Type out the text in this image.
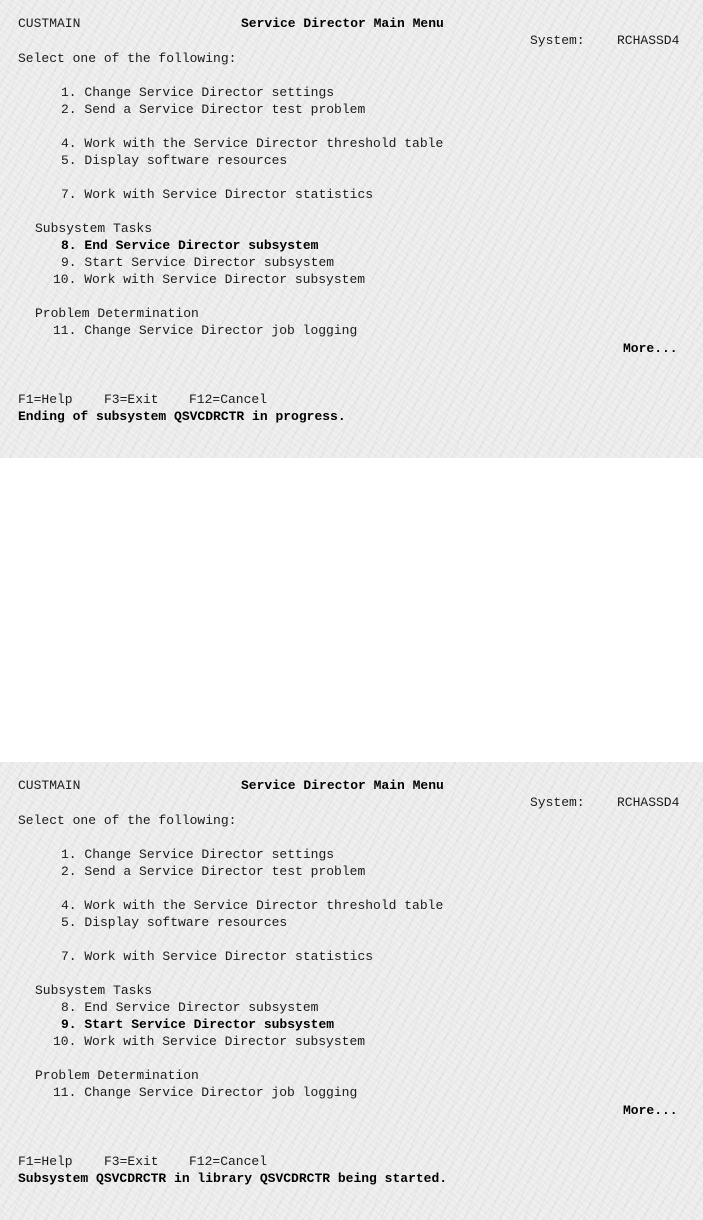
CUSTMAIN	Service Director Main Menu
System: RCHASSD4
Select one of the following:
1. Change Service Director settings
2. Send a Service Director test problem
4. Work with the Service Director threshold table
5. Display software resources
7. Work with Service Director statistics
Subsystem Tasks
8. End Service Director subsystem
9. Start Service Director subsystem
10. Work with Service Director subsystem
Problem Determination
11. Change Service Director job logging
More...
F1=Help F3=Exit F12=Cancel
Ending of subsystem QSVCDRCTR in progress.
CUSTMAIN	Service Director Main Menu
System: RCHASSD4
Select one of the following:
1. Change Service Director settings
2. Send a Service Director test problem
4. Work with the Service Director threshold table
5. Display software resources
7. Work with Service Director statistics
Subsystem Tasks
8. End Service Director subsystem
9. Start Service Director subsystem
10. Work with Service Director subsystem
Problem Determination
11. Change Service Director job logging
More...
F1=Help F3=Exit F12=Cancel
Subsystem QSVCDRCTR in library QSVCDRCTR being started.
